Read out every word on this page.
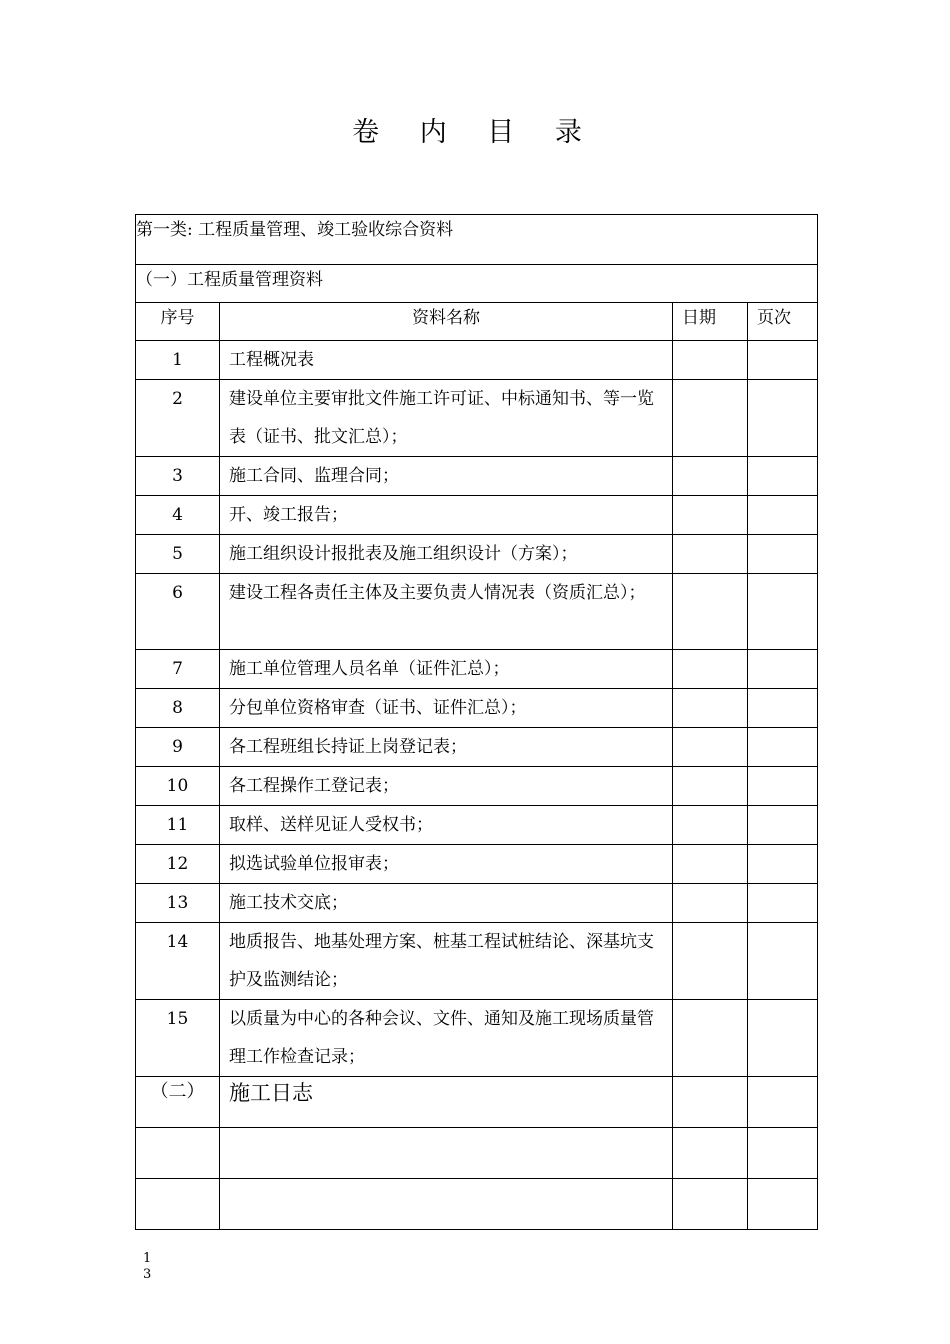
卷 内 目 录
第一类: 工程质量管理、竣工验收综合资料			
（一）工程质量管理资料			
序号	资料名称	日期	页次

1	工程概况表		

2	建设单位主要审批文件施工许可证、中标通知书、等一览表（证书、批文汇总）；		

3	施工合同、监理合同；		

4	开、竣工报告；		

5	施工组织设计报批表及施工组织设计（方案）；		

6	建设工程各责任主体及主要负责人情况表（资质汇总）；		

7	施工单位管理人员名单（证件汇总）；		

8	分包单位资格审查（证书、证件汇总）；		

9	各工程班组长持证上岗登记表；		

10	各工程操作工登记表；		

11	取样、送样见证人受权书；		

12	拟选试验单位报审表；		

13	施工技术交底；		

14	地质报告、地基处理方案、桩基工程试桩结论、深基坑支护及监测结论；		

15	以质量为中心的各种会议、文件、通知及施工现场质量管理工作检查记录；		

（二）	施工日志		

1
3
